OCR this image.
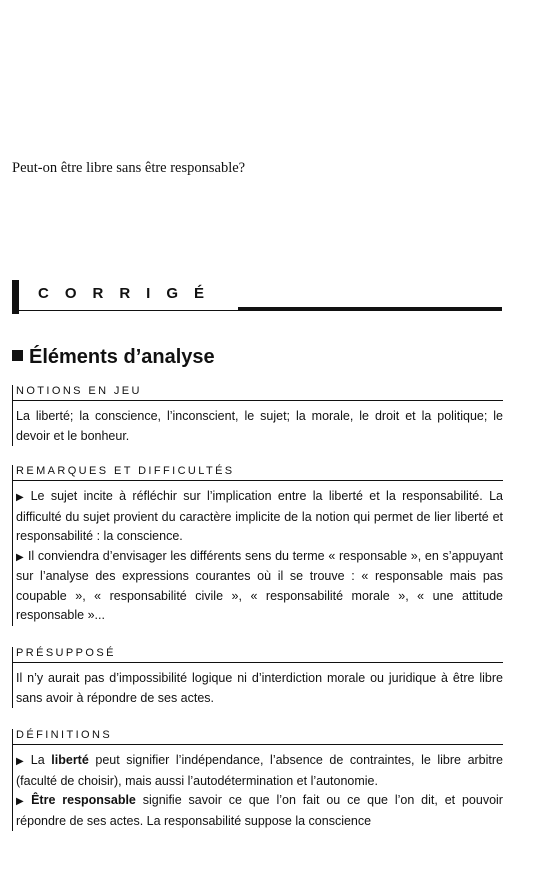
Peut-on être libre sans être responsable?
CORRIGÉ
Éléments d’analyse
NOTIONS EN JEU

La liberté; la conscience, l’inconscient, le sujet; la morale, le droit et la politique; le devoir et le bonheur.

REMARQUES ET DIFFICULTÉS

▶ Le sujet incite à réfléchir sur l’implication entre la liberté et la responsabilité. La difficulté du sujet provient du caractère implicite de la notion qui permet de lier liberté et responsabilité : la conscience.

▶ Il conviendra d’envisager les différents sens du terme « responsable », en s’appuyant sur l’analyse des expressions courantes où il se trouve : « responsable mais pas coupable », « responsabilité civile », « responsabilité morale », « une attitude responsable »...

PRÉSUPPOSÉ

Il n’y aurait pas d’impossibilité logique ni d’interdiction morale ou juridique à être libre sans avoir à répondre de ses actes.

DÉFINITIONS

▶ La liberté peut signifier l’indépendance, l’absence de contraintes, le libre arbitre (faculté de choisir), mais aussi l’autodétermination et l’autonomie.

▶ Être responsable signifie savoir ce que l’on fait ou ce que l’on dit, et pouvoir répondre de ses actes. La responsabilité suppose la conscience
